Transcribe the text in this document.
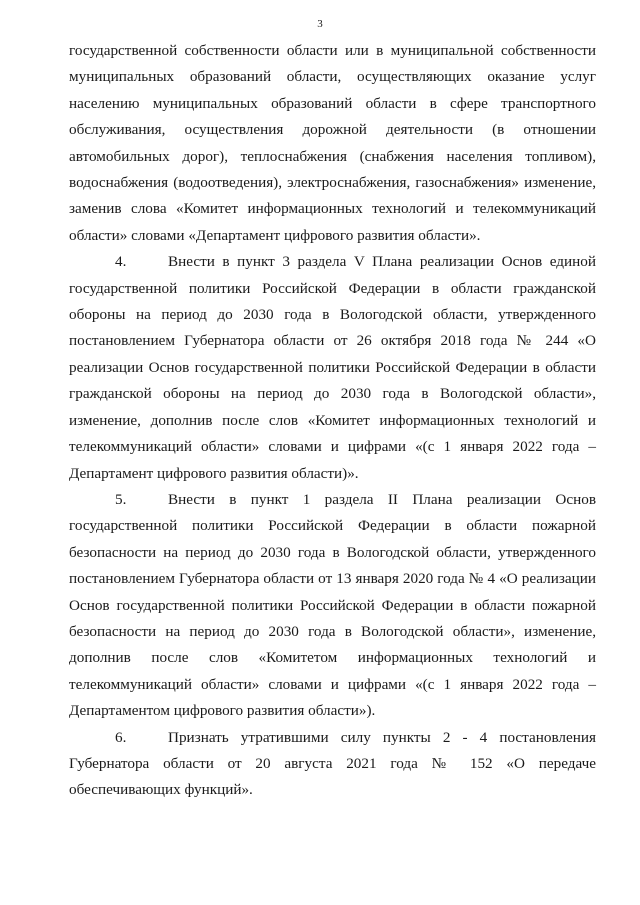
3

государственной собственности области или в муниципальной собственности муниципальных образований области, осуществляющих оказание услуг населению муниципальных образований области в сфере транспортного обслуживания, осуществления дорожной деятельности (в отношении автомобильных дорог), теплоснабжения (снабжения населения топливом), водоснабжения (водоотведения), электроснабжения, газоснабжения» изменение, заменив слова «Комитет информационных технологий и телекоммуникаций области» словами «Департамент цифрового развития области».

4.	Внести в пункт 3 раздела V Плана реализации Основ единой государственной политики Российской Федерации в области гражданской обороны на период до 2030 года в Вологодской области, утвержденного постановлением Губернатора области от 26 октября 2018 года № 244 «О реализации Основ государственной политики Российской Федерации в области гражданской обороны на период до 2030 года в Вологодской области», изменение, дополнив после слов «Комитет информационных технологий и телекоммуникаций области» словами и цифрами «(с 1 января 2022 года – Департамент цифрового развития области)».

5.	Внести в пункт 1 раздела II Плана реализации Основ государственной политики Российской Федерации в области пожарной безопасности на период до 2030 года в Вологодской области, утвержденного постановлением Губернатора области от 13 января 2020 года № 4 «О реализации Основ государственной политики Российской Федерации в области пожарной безопасности на период до 2030 года в Вологодской области», изменение, дополнив после слов «Комитетом информационных технологий и телекоммуникаций области» словами и цифрами «(с 1 января 2022 года – Департаментом цифрового развития области»).

6.	Признать утратившими силу пункты 2 - 4 постановления Губернатора области от 20 августа 2021 года № 152 «О передаче обеспечивающих функций».
